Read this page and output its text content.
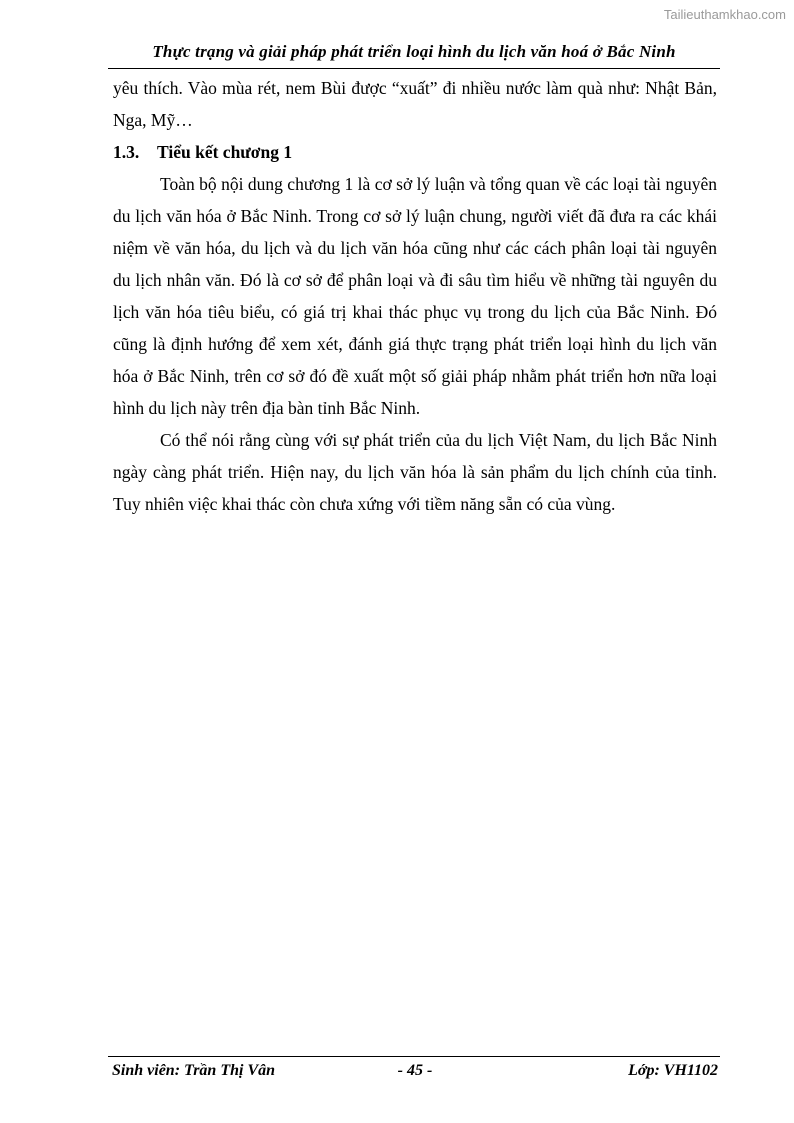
Tailieuthamkhao.com
Thực trạng và giải pháp phát triển loại hình du lịch văn hoá ở Bắc Ninh

yêu thích. Vào mùa rét, nem Bùi được “xuất” đi nhiều nước làm quà như: Nhật Bản, Nga, Mỹ…

1.3. Tiểu kết chương 1

Toàn bộ nội dung chương 1 là cơ sở lý luận và tổng quan về các loại tài nguyên du lịch văn hóa ở Bắc Ninh. Trong cơ sở lý luận chung, người viết đã đưa ra các khái niệm về văn hóa, du lịch và du lịch văn hóa cũng như các cách phân loại tài nguyên du lịch nhân văn. Đó là cơ sở để phân loại và đi sâu tìm hiểu về những tài nguyên du lịch văn hóa tiêu biểu, có giá trị khai thác phục vụ trong du lịch của Bắc Ninh. Đó cũng là định hướng để xem xét, đánh giá thực trạng phát triển loại hình du lịch văn hóa ở Bắc Ninh, trên cơ sở đó đề xuất một số giải pháp nhằm phát triển hơn nữa loại hình du lịch này trên địa bàn tỉnh Bắc Ninh.

Có thể nói rằng cùng với sự phát triển của du lịch Việt Nam, du lịch Bắc Ninh ngày càng phát triển. Hiện nay, du lịch văn hóa là sản phẩm du lịch chính của tỉnh. Tuy nhiên việc khai thác còn chưa xứng với tiềm năng sẵn có của vùng.

Sinh viên: Trần Thị Vân	- 45 -	Lớp: VH1102
